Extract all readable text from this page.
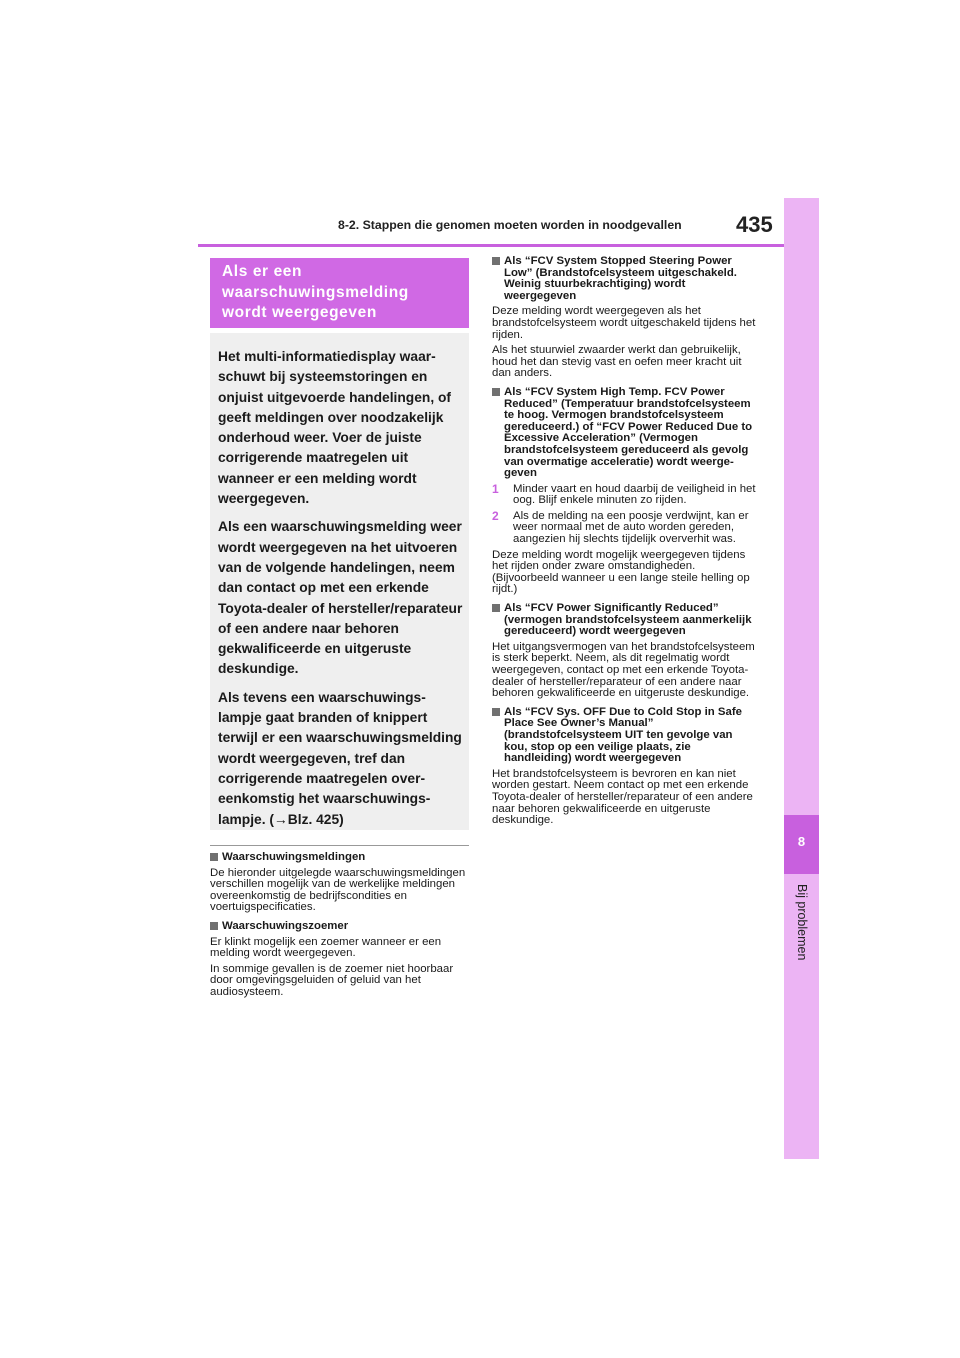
8-2. Stappen die genomen moeten worden in noodgevallen	435
8
Bij problemen
Als er een
waarschuwingsmelding
wordt weergegeven

Het multi-informatiedisplay waarschuwt bij systeemstoringen en onjuist uitgevoerde handelingen, of geeft meldingen over noodzakelijk onderhoud weer. Voer de juiste corrigerende maatregelen uit wanneer er een melding wordt weergegeven.

Als een waarschuwingsmelding weer wordt weergegeven na het uitvoeren van de volgende handelingen, neem dan contact op met een erkende Toyota-dealer of hersteller/reparateur of een andere naar behoren gekwalificeerde en uitgeruste deskundige.

Als tevens een waarschuwingslampje gaat branden of knippert terwijl er een waarschuwingsmelding wordt weergegeven, tref dan corrigerende maatregelen overeenkomstig het waarschuwingslampje. (→Blz. 425)

Waarschuwingsmeldingen

De hieronder uitgelegde waarschuwingsmeldingen verschillen mogelijk van de werkelijke meldingen overeenkomstig de bedrijfscondities en voertuigspecificaties.

Waarschuwingszoemer

Er klinkt mogelijk een zoemer wanneer er een melding wordt weergegeven.

In sommige gevallen is de zoemer niet hoorbaar door omgevingsgeluiden of geluid van het audiosysteem.

Als “FCV System Stopped Steering Power Low” (Brandstofcelsysteem uitgeschakeld. Weinig stuurbekrachtiging) wordt weergegeven

Deze melding wordt weergegeven als het brandstofcelsysteem wordt uitgeschakeld tijdens het rijden.

Als het stuurwiel zwaarder werkt dan gebruikelijk, houd het dan stevig vast en oefen meer kracht uit dan anders.

Als “FCV System High Temp. FCV Power Reduced” (Temperatuur brandstofcelsysteem te hoog. Vermogen brandstofcelsysteem gereduceerd.) of “FCV Power Reduced Due to Excessive Acceleration” (Vermogen brandstofcelsysteem gereduceerd als gevolg van overmatige acceleratie) wordt weergegeven
1	Minder vaart en houd daarbij de veiligheid in het oog. Blijf enkele minuten zo rijden.
2	Als de melding na een poosje verdwijnt, kan er weer normaal met de auto worden gereden, aangezien hij slechts tijdelijk oververhit was.

Deze melding wordt mogelijk weergegeven tijdens het rijden onder zware omstandigheden. (Bijvoorbeeld wanneer u een lange steile helling op rijdt.)

Als “FCV Power Significantly Reduced” (vermogen brandstofcelsysteem aanmerkelijk gereduceerd) wordt weergegeven

Het uitgangsvermogen van het brandstofcelsysteem is sterk beperkt. Neem, als dit regelmatig wordt weergegeven, contact op met een erkende Toyota-dealer of hersteller/reparateur of een andere naar behoren gekwalificeerde en uitgeruste deskundige.

Als “FCV Sys. OFF Due to Cold Stop in Safe Place See Owner’s Manual” (brandstofcelsysteem UIT ten gevolge van kou, stop op een veilige plaats, zie handleiding) wordt weergegeven

Het brandstofcelsysteem is bevroren en kan niet worden gestart. Neem contact op met een erkende Toyota-dealer of hersteller/reparateur of een andere naar behoren gekwalificeerde en uitgeruste deskundige.
